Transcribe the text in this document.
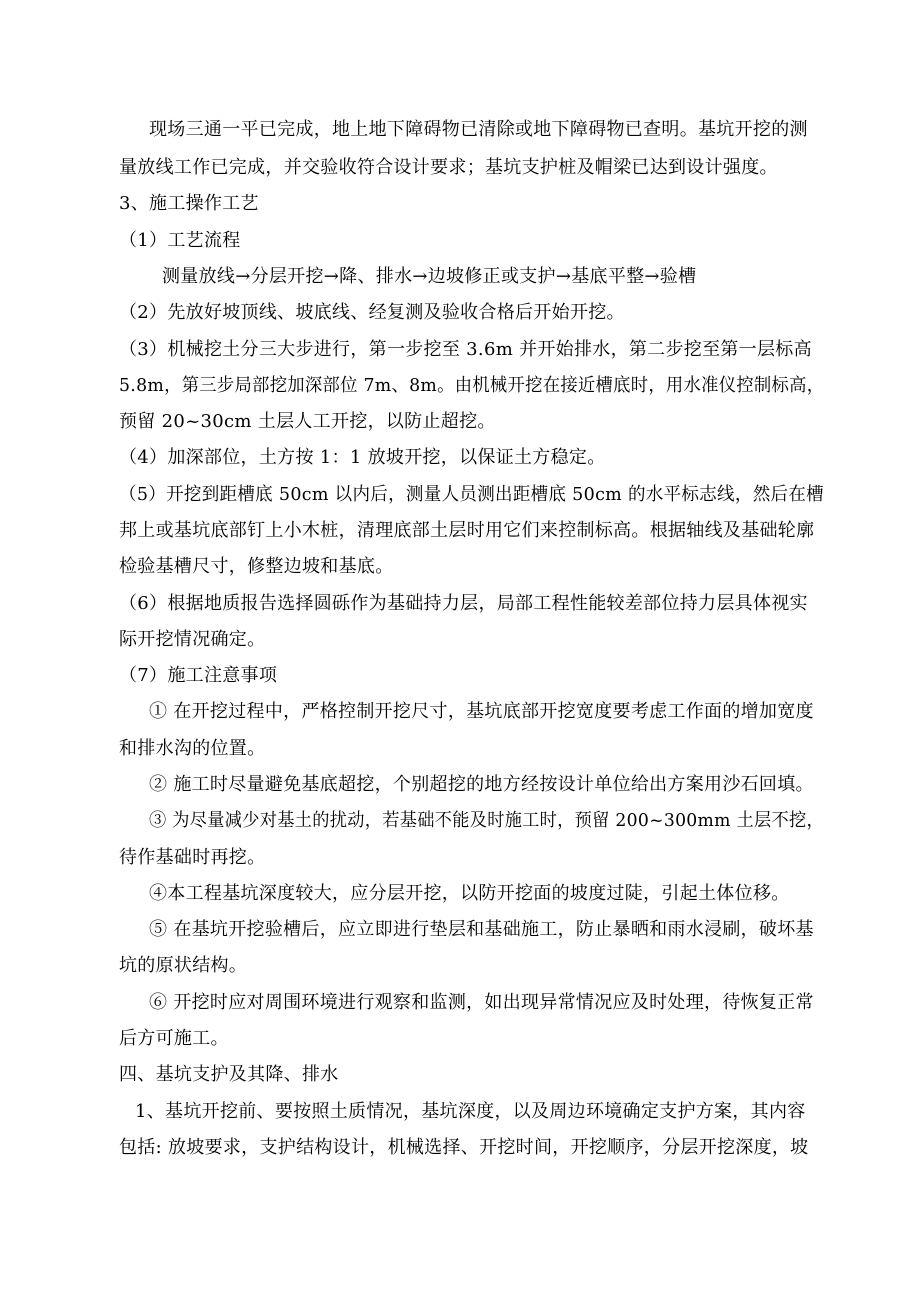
现场三通一平已完成，地上地下障碍物已清除或地下障碍物已查明。基坑开挖的测
量放线工作已完成，并交验收符合设计要求；基坑支护桩及帽梁已达到设计强度。
3、施工操作工艺
（1）工艺流程
测量放线→分层开挖→降、排水→边坡修正或支护→基底平整→验槽
（2）先放好坡顶线、坡底线、经复测及验收合格后开始开挖。
（3）机械挖土分三大步进行，第一步挖至 3.6m 并开始排水，第二步挖至第一层标高
5.8m，第三步局部挖加深部位 7m、8m。由机械开挖在接近槽底时，用水准仪控制标高，
预留 20~30cm 土层人工开挖，以防止超挖。
（4）加深部位，土方按 1：1 放坡开挖，以保证土方稳定。
（5）开挖到距槽底 50cm 以内后，测量人员测出距槽底 50cm 的水平标志线，然后在槽
邦上或基坑底部钉上小木桩，清理底部土层时用它们来控制标高。根据轴线及基础轮廓
检验基槽尺寸，修整边坡和基底。
（6）根据地质报告选择圆砾作为基础持力层，局部工程性能较差部位持力层具体视实
际开挖情况确定。
（7）施工注意事项
① 在开挖过程中，严格控制开挖尺寸，基坑底部开挖宽度要考虑工作面的增加宽度
和排水沟的位置。
② 施工时尽量避免基底超挖，个别超挖的地方经按设计单位给出方案用沙石回填。
③ 为尽量减少对基土的扰动，若基础不能及时施工时，预留 200~300mm 土层不挖，
待作基础时再挖。
④本工程基坑深度较大，应分层开挖，以防开挖面的坡度过陡，引起土体位移。
⑤ 在基坑开挖验槽后，应立即进行垫层和基础施工，防止暴晒和雨水浸刷，破坏基
坑的原状结构。
⑥ 开挖时应对周围环境进行观察和监测，如出现异常情况应及时处理，待恢复正常
后方可施工。
四、基坑支护及其降、排水
1、基坑开挖前、要按照土质情况，基坑深度，以及周边环境确定支护方案，其内容
包括: 放坡要求，支护结构设计，机械选择、开挖时间，开挖顺序，分层开挖深度，坡
